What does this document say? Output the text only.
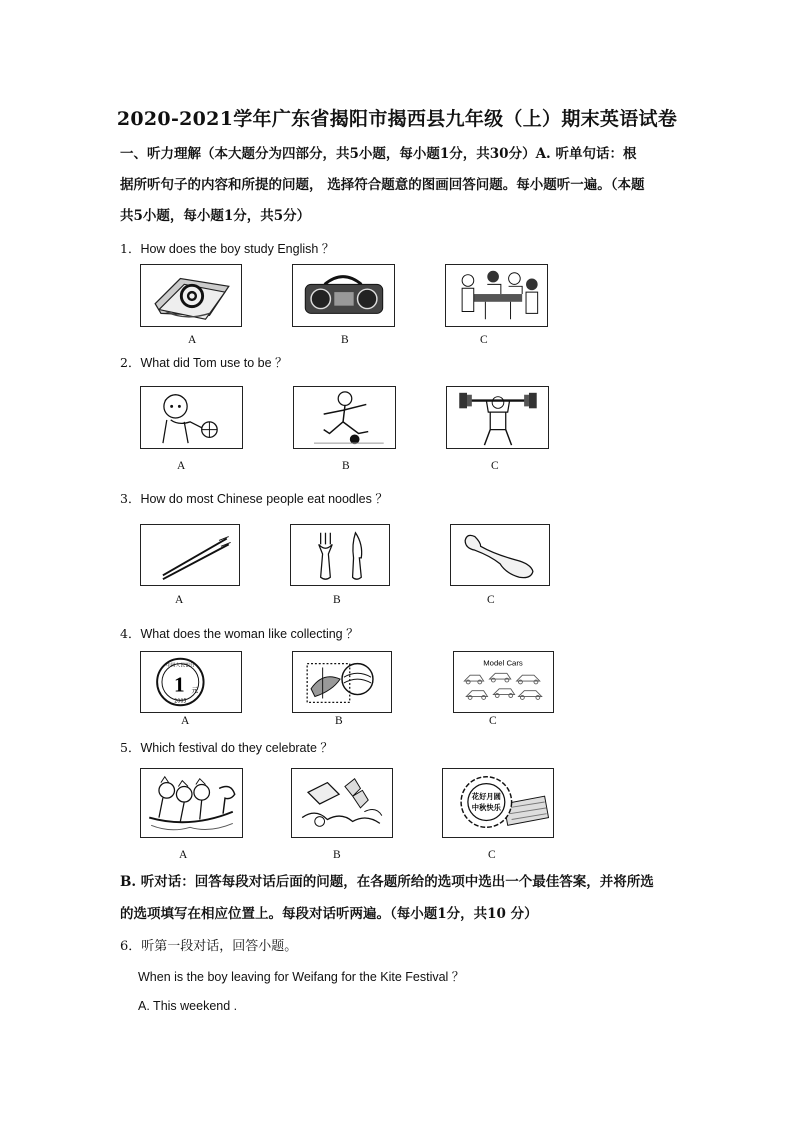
2020-2021学年广东省揭阳市揭西县九年级（上）期末英语试卷
一、听力理解（本大题分为四部分，共5小题，每小题1分，共30分）A. 听单句话：根
据所听句子的内容和所提的问题， 选择符合题意的图画回答问题。每小题听一遍。（本题
共5小题，每小题1分，共5分）
1．How does the boy study English ？
A	B	C
2．What did Tom use to be ？
A	B	C
3．How do most Chinese people eat noodles ？
A	B	C
4．What does the woman like collecting ？
中国人民银行
1 元
2005
Model Cars
A	B	C
5．Which festival do they celebrate ？
花好月圆
中秋快乐
A	B	C
B. 听对话：回答每段对话后面的问题，在各题所给的选项中选出一个最佳答案，并将所选
的选项填写在相应位置上。每段对话听两遍。（每小题1分，共10 分）
6．听第一段对话，回答小题。
When is the boy leaving for Weifang for the Kite Festival ？
A. This weekend .
